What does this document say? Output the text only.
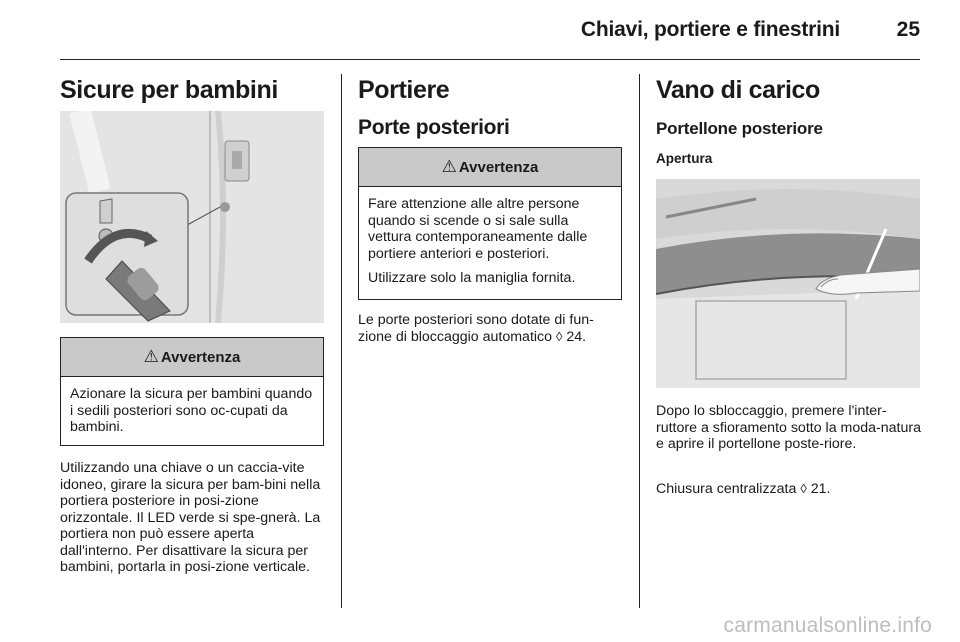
Chiavi, portiere e finestrini	25
Sicure per bambini
⚠ Avvertenza

Azionare la sicura per bambini quando i sedili posteriori sono oc-cupati da bambini.

Utilizzando una chiave o un caccia-vite idoneo, girare la sicura per bam-bini nella portiera posteriore in posi-zione orizzontale. Il LED verde si spe-gnerà. La portiera non può essere aperta dall'interno. Per disattivare la sicura per bambini, portarla in posi-zione verticale.

Portiere
Porte posteriori
⚠ Avvertenza

Fare attenzione alle altre persone quando si scende o si sale sulla vettura contemporaneamente dalle portiere anteriori e posteriori.

Utilizzare solo la maniglia fornita.

Le porte posteriori sono dotate di fun-zione di bloccaggio automatico ◊ 24.

Vano di carico
Portellone posteriore
Apertura

Dopo lo sbloccaggio, premere l'inter-ruttore a sfioramento sotto la moda-natura e aprire il portellone poste-riore.

Chiusura centralizzata ◊ 21.

carmanualsonline.info
